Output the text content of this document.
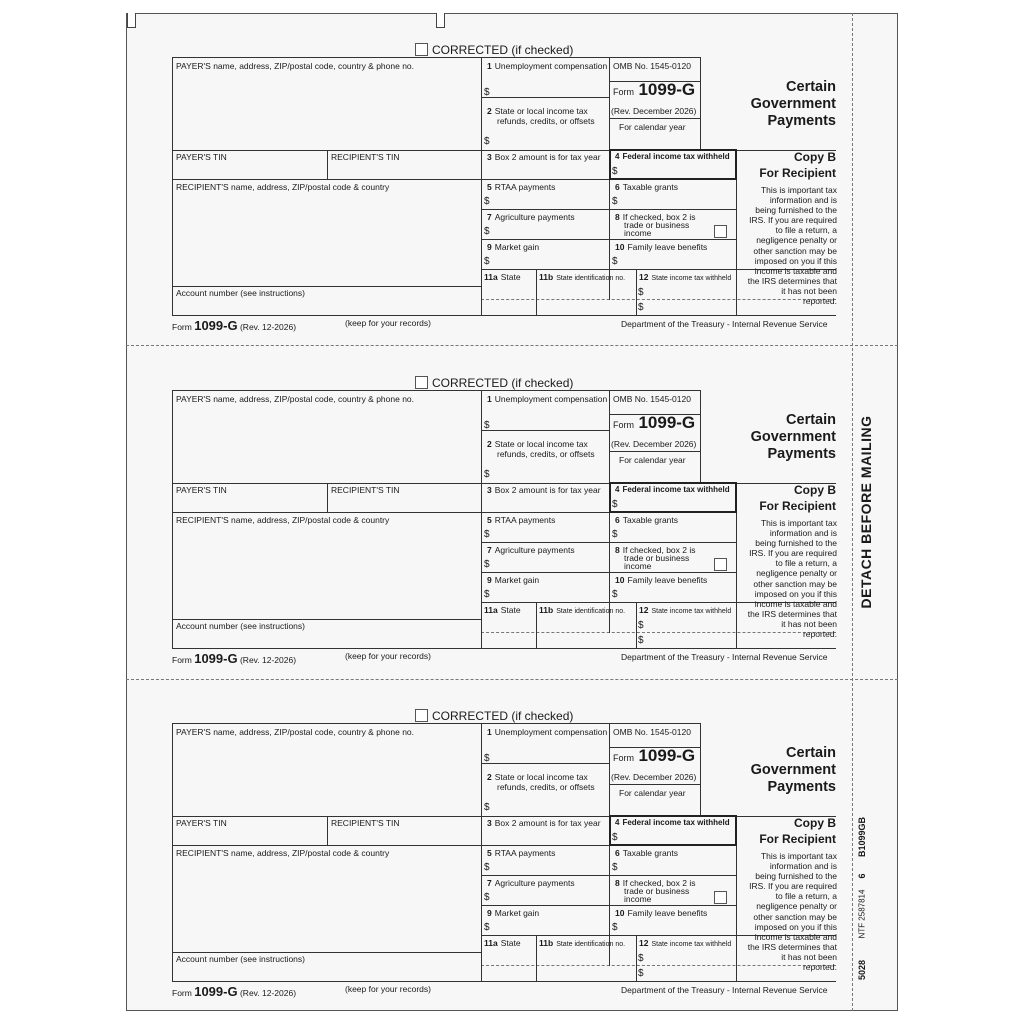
DETACH BEFORE MAILING
6
B1099GB
NTF 2587814
5028
CORRECTED (if checked)
PAYER'S name, address, ZIP/postal code, country & phone no.
PAYER'S TIN	RECIPIENT'S TIN
RECIPIENT'S name, address, ZIP/postal code & country
Account number (see instructions)
1 Unemployment compensation
$
2 State or local income tax
refunds, credits, or offsets
$
OMB No. 1545-0120
Form 1099-G
(Rev. December 2026)
For calendar year
Certain
Government
Payments
Copy B
For Recipient
This is important tax
information and is
being furnished to the
IRS. If you are required
to file a return, a
negligence penalty or
other sanction may be
imposed on you if this
income is taxable and
the IRS determines that
it has not been
reported.
3 Box 2 amount is for tax year 4 Federal income tax withheld
$
5 RTAA payments
$
6 Taxable grants
$
7 Agriculture payments
$
8 If checked, box 2 is
trade or business
income
9 Market gain
$
10 Family leave benefits
$
11a State 11b State identification no. 12 State income tax withheld
$
$
Form 1099-G (Rev. 12-2026)	(keep for your records)	Department of the Treasury - Internal Revenue Service
CORRECTED (if checked)
PAYER'S name, address, ZIP/postal code, country & phone no.
PAYER'S TIN	RECIPIENT'S TIN
RECIPIENT'S name, address, ZIP/postal code & country
Account number (see instructions)
1 Unemployment compensation
$
2 State or local income tax
refunds, credits, or offsets
$
OMB No. 1545-0120
Form 1099-G
(Rev. December 2026)
For calendar year
Certain
Government
Payments
Copy B
For Recipient
This is important tax
information and is
being furnished to the
IRS. If you are required
to file a return, a
negligence penalty or
other sanction may be
imposed on you if this
income is taxable and
the IRS determines that
it has not been
reported.
3 Box 2 amount is for tax year 4 Federal income tax withheld
$
5 RTAA payments
$
6 Taxable grants
$
7 Agriculture payments
$
8 If checked, box 2 is
trade or business
income
9 Market gain
$
10 Family leave benefits
$
11a State 11b State identification no. 12 State income tax withheld
$
$
Form 1099-G (Rev. 12-2026)	(keep for your records)	Department of the Treasury - Internal Revenue Service
CORRECTED (if checked)
PAYER'S name, address, ZIP/postal code, country & phone no.
PAYER'S TIN	RECIPIENT'S TIN
RECIPIENT'S name, address, ZIP/postal code & country
Account number (see instructions)
1 Unemployment compensation
$
2 State or local income tax
refunds, credits, or offsets
$
OMB No. 1545-0120
Form 1099-G
(Rev. December 2026)
For calendar year
Certain
Government
Payments
Copy B
For Recipient
This is important tax
information and is
being furnished to the
IRS. If you are required
to file a return, a
negligence penalty or
other sanction may be
imposed on you if this
income is taxable and
the IRS determines that
it has not been
reported.
3 Box 2 amount is for tax year 4 Federal income tax withheld
$
5 RTAA payments
$
6 Taxable grants
$
7 Agriculture payments
$
8 If checked, box 2 is
trade or business
income
9 Market gain
$
10 Family leave benefits
$
11a State 11b State identification no. 12 State income tax withheld
$
$
Form 1099-G (Rev. 12-2026)	(keep for your records)	Department of the Treasury - Internal Revenue Service
